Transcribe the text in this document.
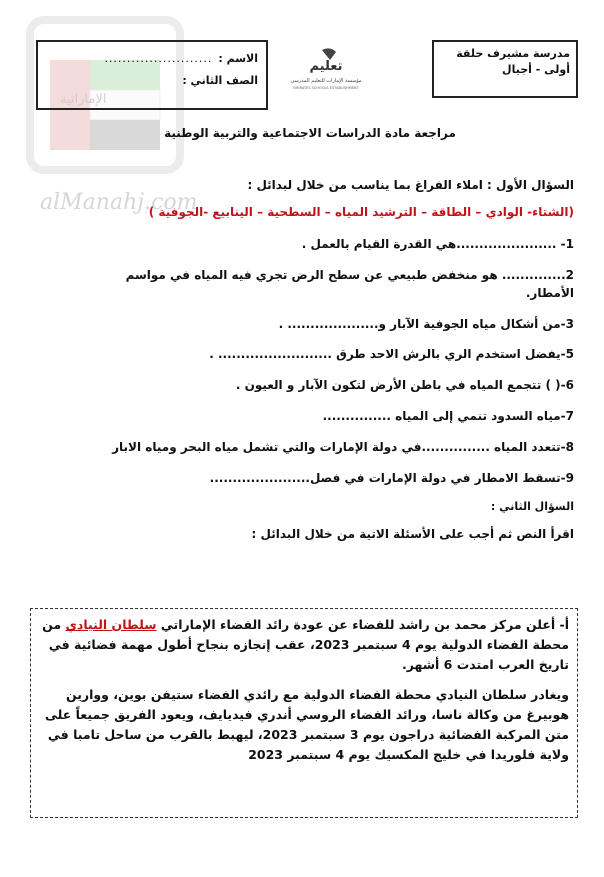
alManahj.com
الإماراتية
مدرسة مشيرف حلقة
أولى - أجيال
تعليم
مؤسسة الإمارات للتعليم المدرسي
EMIRATES SCHOOLS ESTABLISHMENT
الاسم :
........................
الصف الثاني :
مراجعة مادة الدراسات الاجتماعية والتربية الوطنية
السؤال الأول : املاء الفراغ بما يناسب من خلال لبدائل :
(الشتاء- الوادي – الطاقة – الترشيد المياه – السطحية – الينابيع -الجوفية )
1- ......................هي القدرة القيام بالعمل .
2.............. هو منخفض طبيعي عن سطح الرض تجري فيه المياه في مواسم
الأمطار.
3-من أشكال مياه الجوفية الآبار و.................... .
5-يفضل استخدم الري بالرش الاحد طرق ......................... .
6-( ) تتجمع المياه في باطن الأرض لتكون الآبار و العيون .
7-مياه السدود تنمي إلى المياه ...............
8-تتعدد المياه ...............في دولة الإمارات والتي تشمل مياه البحر ومياه الابار
9-تسقط الامطار في دولة الإمارات في فصل......................
السؤال الثاني :
اقرأ النص ثم أجب على الأسئلة الاتية من خلال البدائل :

أ- أعلن مركز محمد بن راشد للفضاء عن عودة رائد الفضاء الإماراتي سلطان النيادي من محطة الفضاء الدولية يوم 4 سبتمبر 2023، عقب إنجازه بنجاح أطول مهمة فضائية في تاريخ العرب امتدت 6 أشهر.

ويغادر سلطان النيادي محطة الفضاء الدولية مع رائدي الفضاء ستيفن بوين، ووارين هوبيرغ من وكالة ناسا، ورائد الفضاء الروسي أندري فيديايف، ويعود الفريق جميعاً على متن المركبة الفضائية دراجون يوم 3 سبتمبر 2023، ليهبط بالقرب من ساحل تامبا في ولاية فلوريدا في خليج المكسيك يوم 4 سبتمبر 2023
